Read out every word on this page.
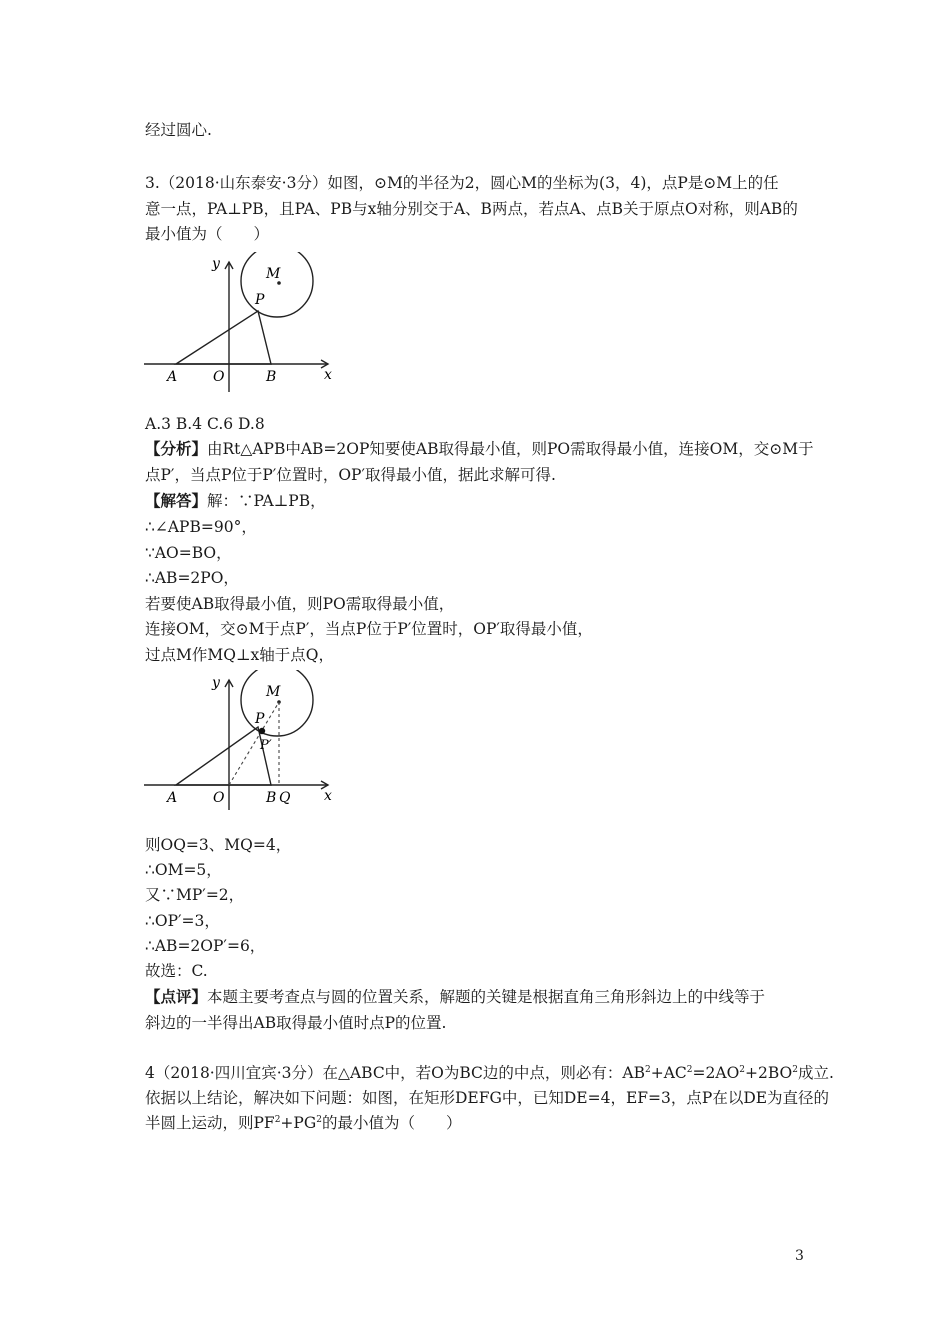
经过圆心.
3.（2018·山东泰安·3分）如图，⊙M的半径为2，圆心M的坐标为(3，4)，点P是⊙M上的任
意一点，PA⊥PB，且PA、PB与x轴分别交于A、B两点，若点A、点B关于原点O对称，则AB的
最小值为（　　）
y
x
M
P
A	O	B
A.3 B.4 C.6 D.8
【分析】由Rt△APB中AB=2OP知要使AB取得最小值，则PO需取得最小值，连接OM，交⊙M于
点P′，当点P位于P′位置时，OP′取得最小值，据此求解可得.
【解答】解：∵PA⊥PB，
∴∠APB=90°，
∵AO=BO，
∴AB=2PO，
若要使AB取得最小值，则PO需取得最小值，
连接OM，交⊙M于点P′，当点P位于P′位置时，OP′取得最小值，
过点M作MQ⊥x轴于点Q，
y
x
M
P
P′
A	O	B Q
则OQ=3、MQ=4，
∴OM=5，
又∵MP′=2，
∴OP′=3，
∴AB=2OP′=6，
故选：C.
【点评】本题主要考查点与圆的位置关系，解题的关键是根据直角三角形斜边上的中线等于
斜边的一半得出AB取得最小值时点P的位置.
4（2018·四川宜宾·3分）在△ABC中，若O为BC边的中点，则必有：$AB^2+AC^2=2AO^2+2BO^2$成立.
依据以上结论，解决如下问题：如图，在矩形DEFG中，已知DE=4，EF=3，点P在以DE为直径的
半圆上运动，则$PF^2+PG^2$的最小值为（　　）
3
